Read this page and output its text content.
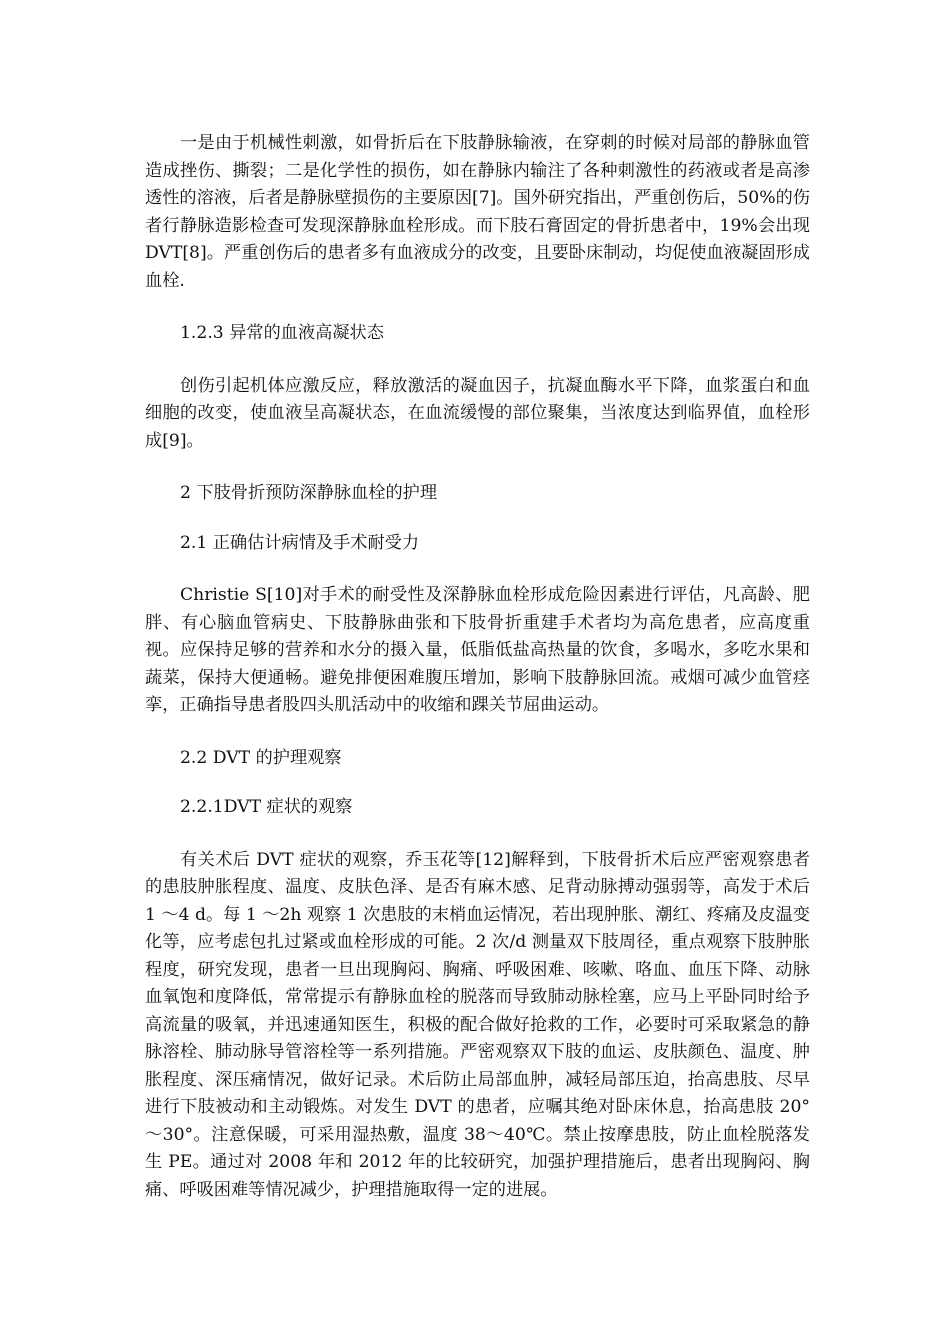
一是由于机械性刺激，如骨折后在下肢静脉输液，在穿刺的时候对局部的静脉血管造成挫伤、撕裂；二是化学性的损伤，如在静脉内输注了各种刺激性的药液或者是高渗透性的溶液，后者是静脉壁损伤的主要原因[7]。国外研究指出，严重创伤后，50%的伤者行静脉造影检查可发现深静脉血栓形成。而下肢石膏固定的骨折患者中，19%会出现 DVT[8]。严重创伤后的患者多有血液成分的改变，且要卧床制动，均促使血液凝固形成血栓.

1.2.3 异常的血液高凝状态

创伤引起机体应激反应，释放激活的凝血因子，抗凝血酶水平下降，血浆蛋白和血细胞的改变，使血液呈高凝状态，在血流缓慢的部位聚集，当浓度达到临界值，血栓形成[9]。

2 下肢骨折预防深静脉血栓的护理

2.1 正确估计病情及手术耐受力

Christie S[10]对手术的耐受性及深静脉血栓形成危险因素进行评估，凡高龄、肥胖、有心脑血管病史、下肢静脉曲张和下肢骨折重建手术者均为高危患者，应高度重视。应保持足够的营养和水分的摄入量，低脂低盐高热量的饮食，多喝水，多吃水果和蔬菜，保持大便通畅。避免排便困难腹压增加，影响下肢静脉回流。戒烟可减少血管痉挛，正确指导患者股四头肌活动中的收缩和踝关节屈曲运动。

2.2 DVT 的护理观察

2.2.1DVT 症状的观察

有关术后 DVT 症状的观察，乔玉花等[12]解释到，下肢骨折术后应严密观察患者的患肢肿胀程度、温度、皮肤色泽、是否有麻木感、足背动脉搏动强弱等，高发于术后 1 ～4 d。每 1 ～2h 观察 1 次患肢的末梢血运情况，若出现肿胀、潮红、疼痛及皮温变化等，应考虑包扎过紧或血栓形成的可能。2 次/d 测量双下肢周径，重点观察下肢肿胀程度，研究发现，患者一旦出现胸闷、胸痛、呼吸困难、咳嗽、咯血、血压下降、动脉血氧饱和度降低，常常提示有静脉血栓的脱落而导致肺动脉栓塞，应马上平卧同时给予高流量的吸氧，并迅速通知医生，积极的配合做好抢救的工作，必要时可采取紧急的静脉溶栓、肺动脉导管溶栓等一系列措施。严密观察双下肢的血运、皮肤颜色、温度、肿胀程度、深压痛情况，做好记录。术后防止局部血肿，减轻局部压迫，抬高患肢、尽早进行下肢被动和主动锻炼。对发生 DVT 的患者，应嘱其绝对卧床休息，抬高患肢 20°～30°。注意保暖，可采用湿热敷，温度 38～40℃。禁止按摩患肢，防止血栓脱落发生 PE。通过对 2008 年和 2012 年的比较研究，加强护理措施后，患者出现胸闷、胸痛、呼吸困难等情况减少，护理措施取得一定的进展。
